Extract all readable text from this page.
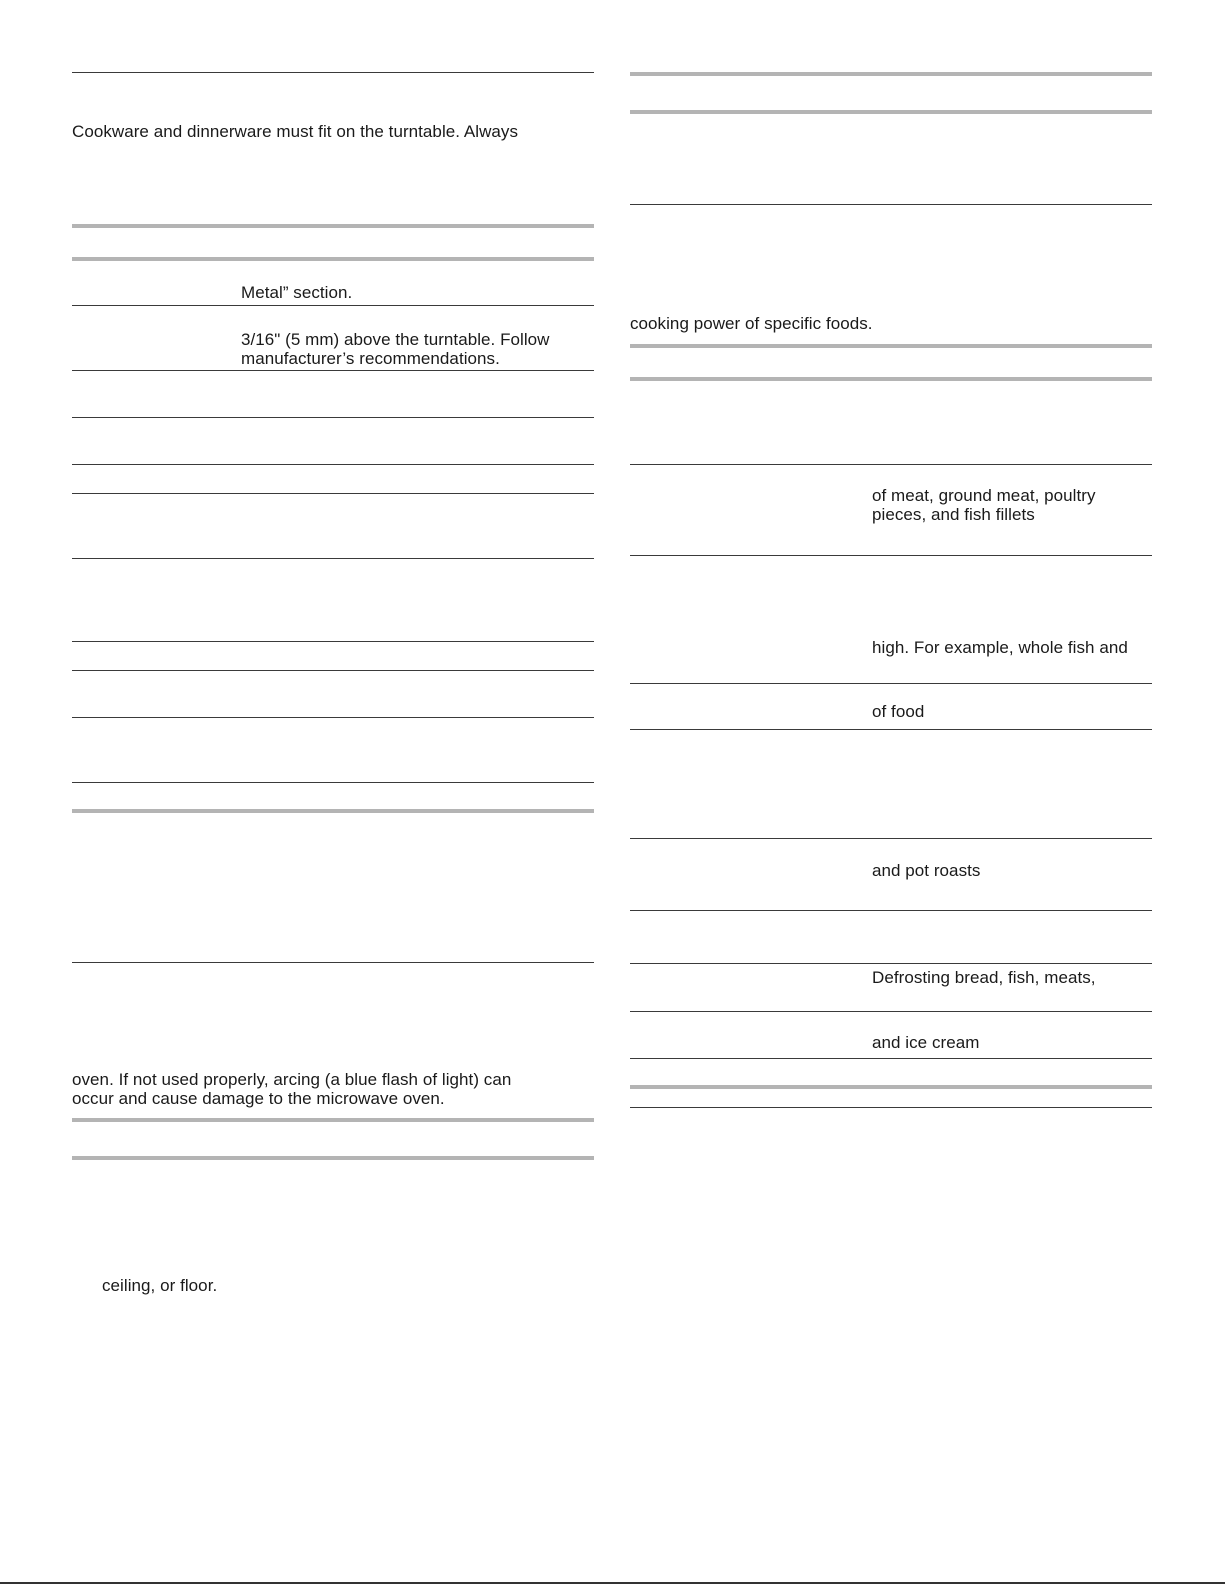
Cookware and dinnerware must fit on the turntable. Always
Metal” section.
3/16" (5 mm) above the turntable. Follow
manufacturer’s recommendations.
oven. If not used properly, arcing (a blue flash of light) can
occur and cause damage to the microwave oven.
ceiling, or floor.
cooking power of specific foods.
of meat, ground meat, poultry
pieces, and fish fillets
high. For example, whole fish and
of food
and pot roasts
Defrosting bread, fish, meats,
and ice cream
